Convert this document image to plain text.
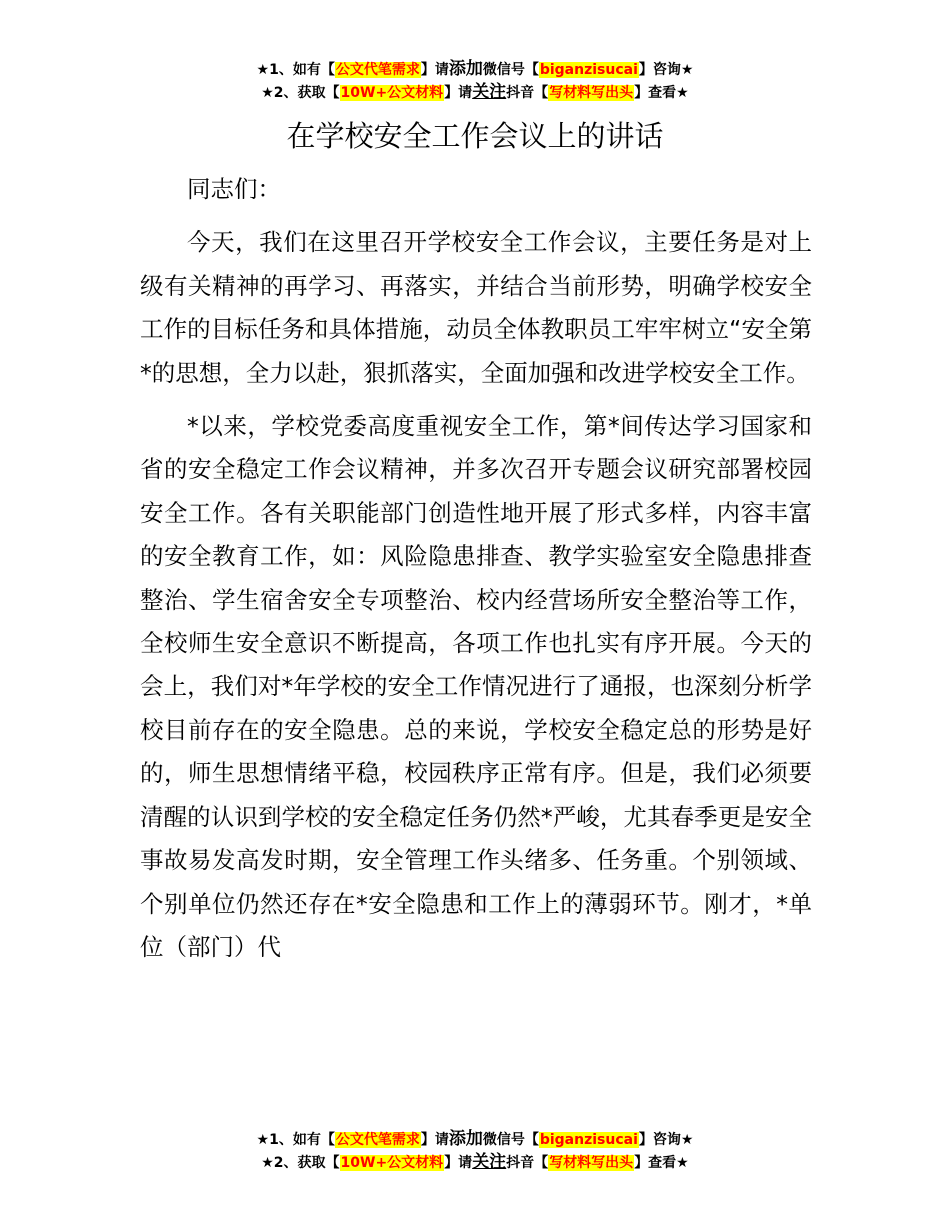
★1、如有【公文代笔需求】请添加微信号【biganzisucai】咨询★
★2、获取【10W+公文材料】请关注抖音【写材料写出头】查看★
在学校安全工作会议上的讲话

同志们：

今天，我们在这里召开学校安全工作会议，主要任务是对上级有关精神的再学习、再落实，并结合当前形势，明确学校安全工作的目标任务和具体措施，动员全体教职员工牢牢树立“安全第*的思想，全力以赴，狠抓落实，全面加强和改进学校安全工作。

*以来，学校党委高度重视安全工作，第*间传达学习国家和省的安全稳定工作会议精神，并多次召开专题会议研究部署校园安全工作。各有关职能部门创造性地开展了形式多样，内容丰富的安全教育工作，如：风险隐患排查、教学实验室安全隐患排查整治、学生宿舍安全专项整治、校内经营场所安全整治等工作，全校师生安全意识不断提高，各项工作也扎实有序开展。今天的会上，我们对*年学校的安全工作情况进行了通报，也深刻分析学校目前存在的安全隐患。总的来说，学校安全稳定总的形势是好的，师生思想情绪平稳，校园秩序正常有序。但是，我们必须要清醒的认识到学校的安全稳定任务仍然*严峻，尤其春季更是安全事故易发高发时期，安全管理工作头绪多、任务重。个别领域、个别单位仍然还存在*安全隐患和工作上的薄弱环节。刚才，*单位（部门）代

★1、如有【公文代笔需求】请添加微信号【biganzisucai】咨询★
★2、获取【10W+公文材料】请关注抖音【写材料写出头】查看★
